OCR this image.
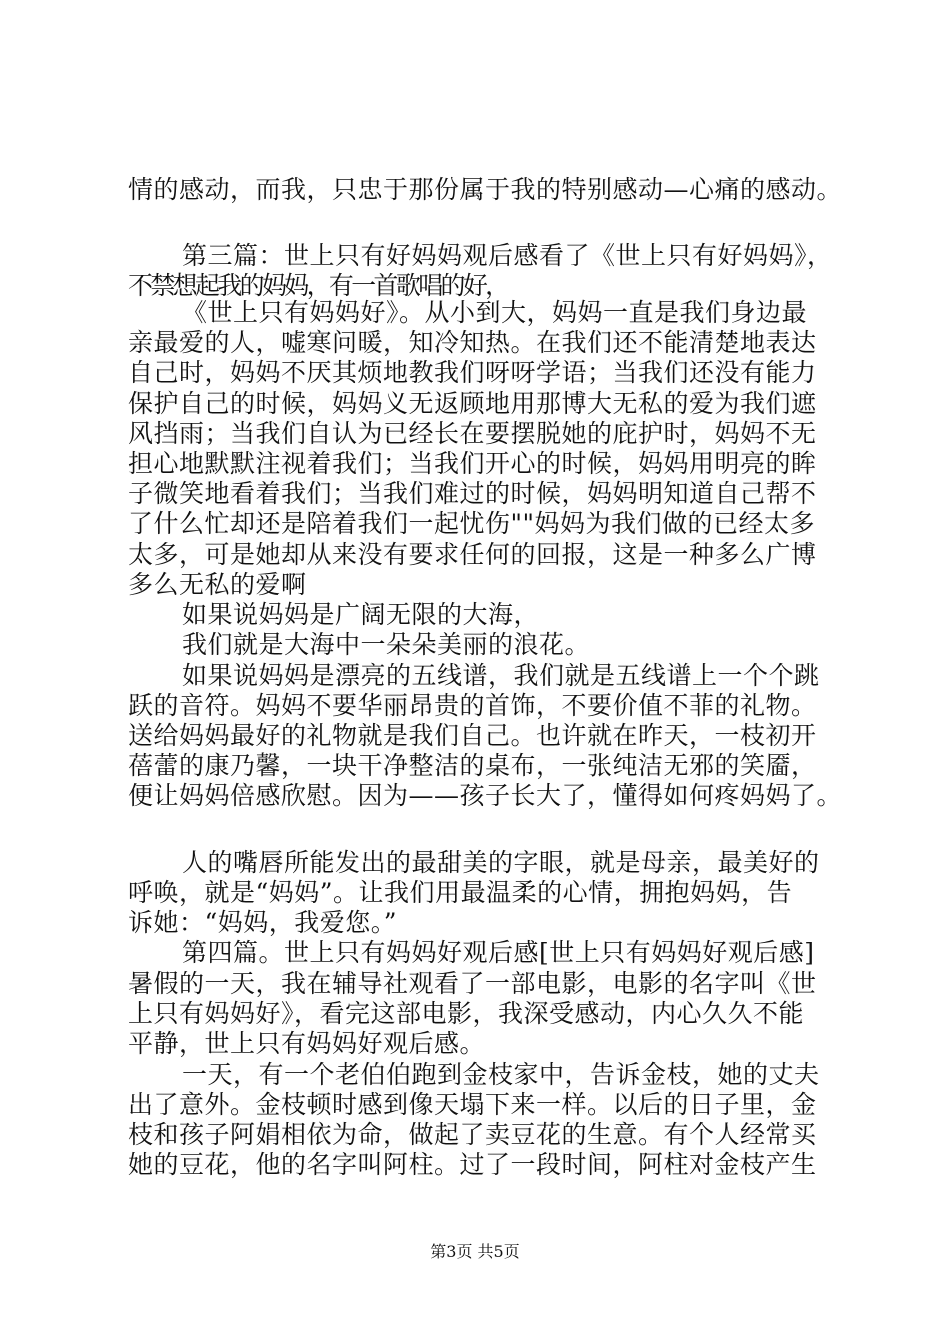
情的感动，而我，只忠于那份属于我的特别感动—心痛的感动。

第三篇：世上只有好妈妈观后感看了《世上只有好妈妈》，

不禁想起我的妈妈，有一首歌唱的好，

《世上只有妈妈好》。从小到大，妈妈一直是我们身边最

亲最爱的人，嘘寒问暖，知冷知热。在我们还不能清楚地表达

自己时，妈妈不厌其烦地教我们呀呀学语；当我们还没有能力

保护自己的时候，妈妈义无返顾地用那博大无私的爱为我们遮

风挡雨；当我们自认为已经长在要摆脱她的庇护时，妈妈不无

担心地默默注视着我们；当我们开心的时候，妈妈用明亮的眸

子微笑地看着我们；当我们难过的时候，妈妈明知道自己帮不

了什么忙却还是陪着我们一起忧伤""妈妈为我们做的已经太多

太多，可是她却从来没有要求任何的回报，这是一种多么广博

多么无私的爱啊

如果说妈妈是广阔无限的大海，

我们就是大海中一朵朵美丽的浪花。

如果说妈妈是漂亮的五线谱，我们就是五线谱上一个个跳

跃的音符。妈妈不要华丽昂贵的首饰，不要价值不菲的礼物。

送给妈妈最好的礼物就是我们自己。也许就在昨天，一枝初开

蓓蕾的康乃馨，一块干净整洁的桌布，一张纯洁无邪的笑靥，

便让妈妈倍感欣慰。因为——孩子长大了，懂得如何疼妈妈了。

人的嘴唇所能发出的最甜美的字眼，就是母亲，最美好的

呼唤，就是“妈妈”。让我们用最温柔的心情，拥抱妈妈，告

诉她：“妈妈，我爱您。”

第四篇。世上只有妈妈好观后感[世上只有妈妈好观后感]

暑假的一天，我在辅导社观看了一部电影，电影的名字叫《世

上只有妈妈好》，看完这部电影，我深受感动，内心久久不能

平静，世上只有妈妈好观后感。

一天，有一个老伯伯跑到金枝家中，告诉金枝，她的丈夫

出了意外。金枝顿时感到像天塌下来一样。以后的日子里，金

枝和孩子阿娟相依为命，做起了卖豆花的生意。有个人经常买

她的豆花，他的名字叫阿柱。过了一段时间，阿柱对金枝产生

第3页 共5页
